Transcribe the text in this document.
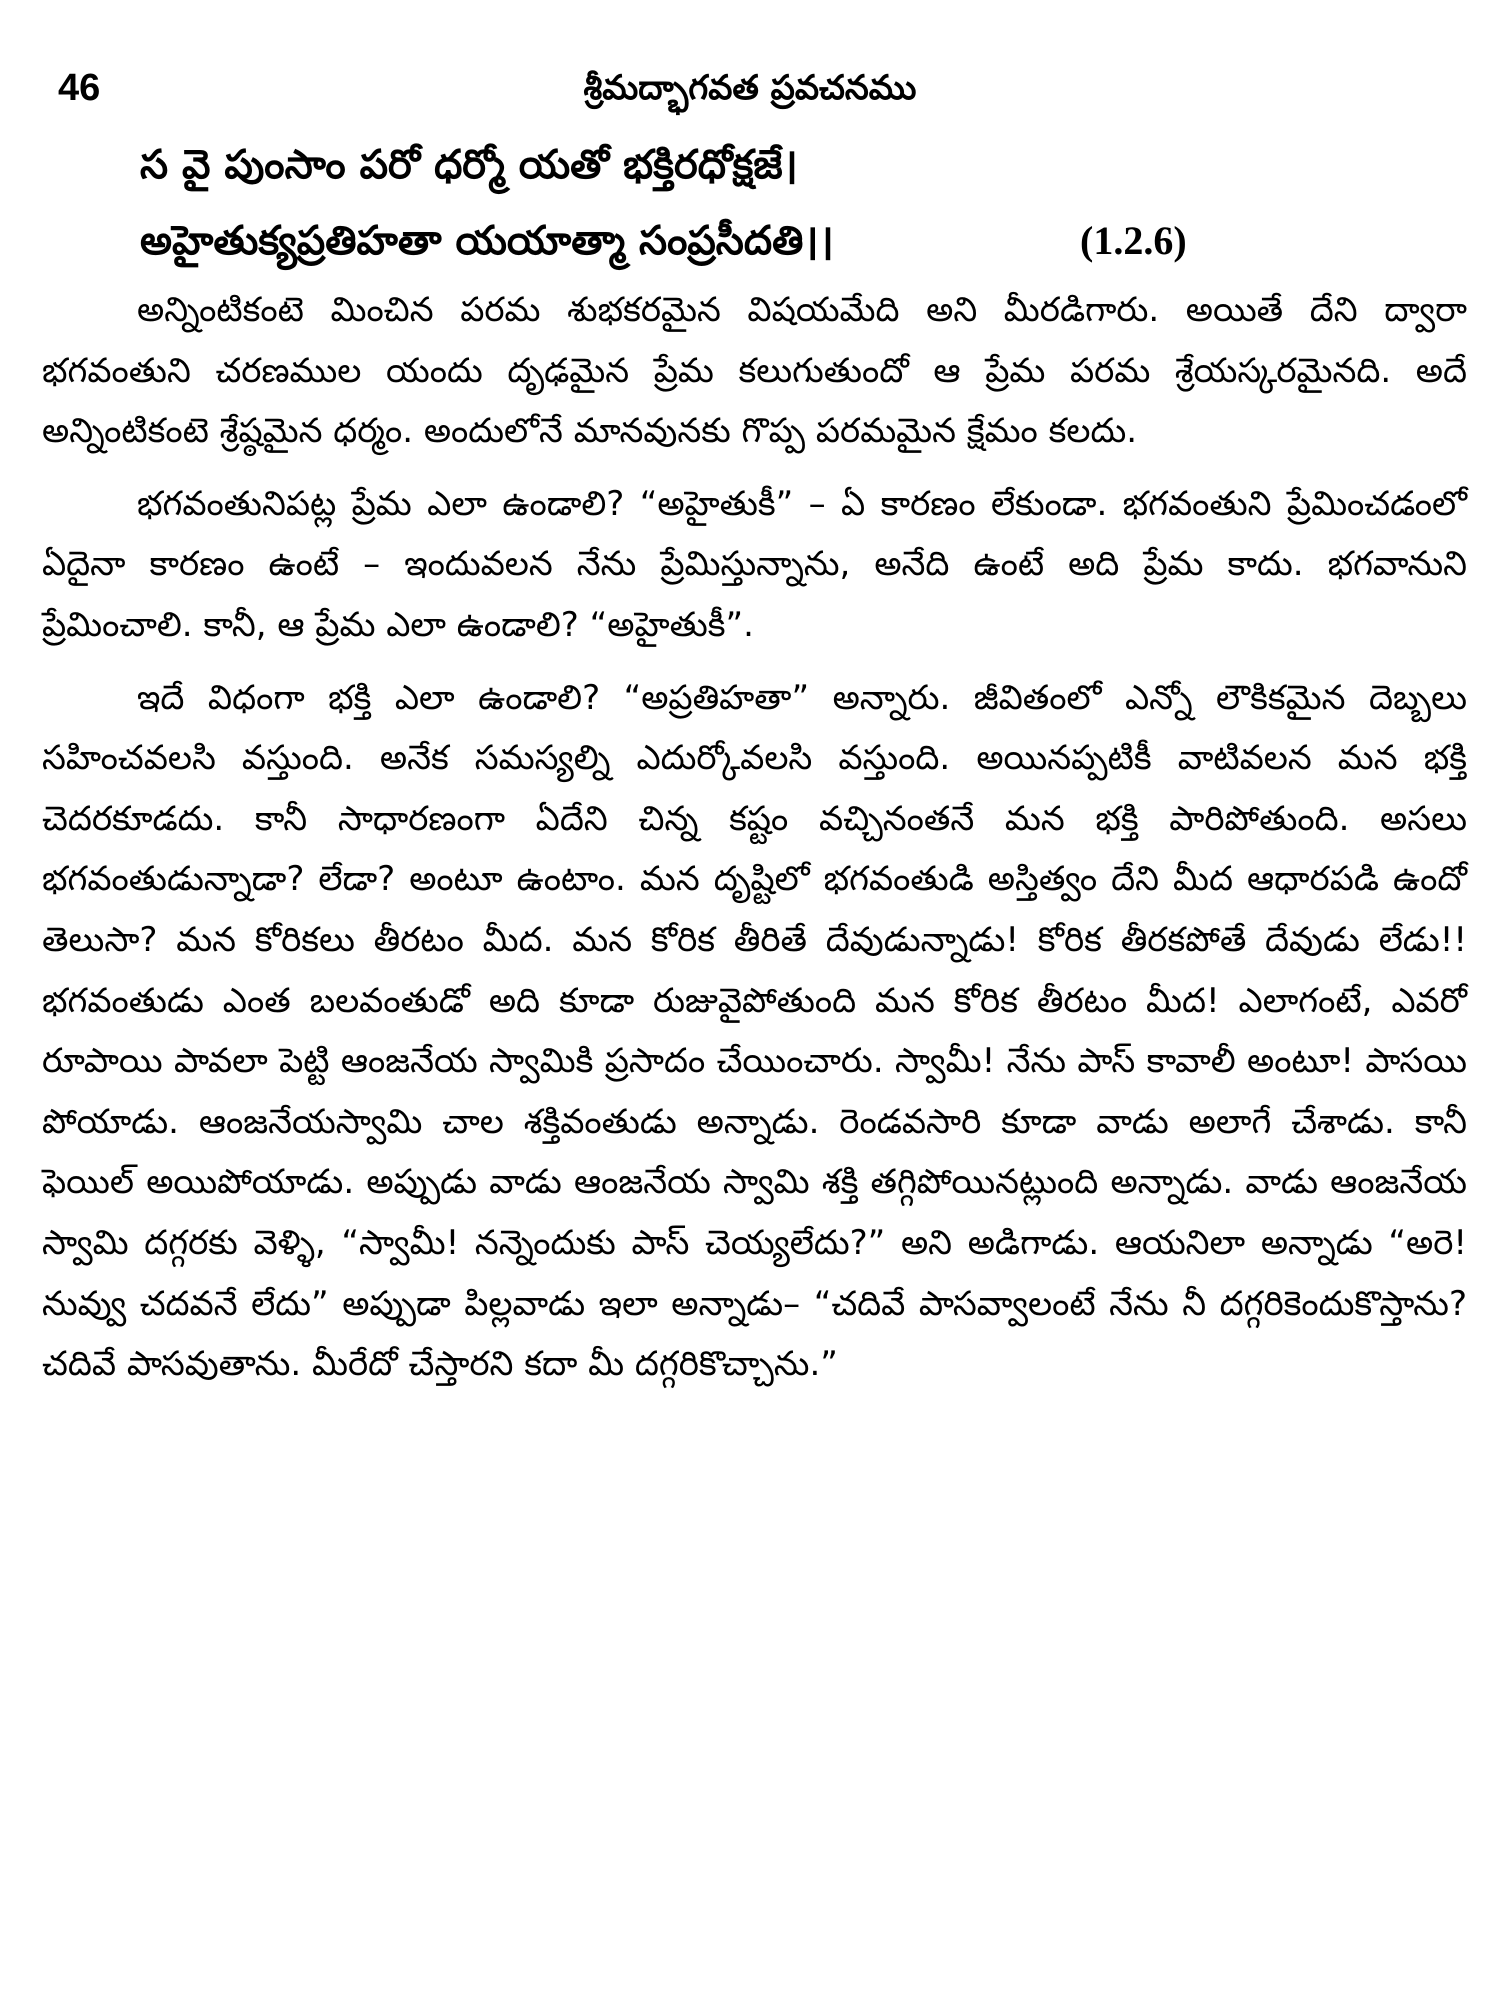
46	శ్రీమద్భాగవత ప్రవచనము
స వై పుంసాం పరో ధర్మో యతో భక్తిరధోక్షజే।
అహైతుక్యప్రతిహతా యయాత్మా సంప్రసీదతి।।	(1.2.6)

అన్నింటికంటె మించిన పరమ శుభకరమైన విషయమేది అని మీరడిగారు. అయితే దేని ద్వారా భగవంతుని చరణముల యందు దృఢమైన ప్రేమ కలుగుతుందో ఆ ప్రేమ పరమ శ్రేయస్కరమైనది. అదే అన్నింటికంటె శ్రేష్ఠమైన ధర్మం. అందులోనే మానవునకు గొప్ప పరమమైన క్షేమం కలదు.

భగవంతునిపట్ల ప్రేమ ఎలా ఉండాలి? “అహైతుకీ” – ఏ కారణం లేకుండా. భగవంతుని ప్రేమించడంలో ఏదైనా కారణం ఉంటే – ఇందువలన నేను ప్రేమిస్తున్నాను, అనేది ఉంటే అది ప్రేమ కాదు. భగవానుని ప్రేమించాలి. కానీ, ఆ ప్రేమ ఎలా ఉండాలి? “అహైతుకీ”.

ఇదే విధంగా భక్తి ఎలా ఉండాలి? “అప్రతిహతా” అన్నారు. జీవితంలో ఎన్నో లౌకికమైన దెబ్బలు సహించవలసి వస్తుంది. అనేక సమస్యల్ని ఎదుర్కోవలసి వస్తుంది. అయినప్పటికీ వాటివలన మన భక్తి చెదరకూడదు. కానీ సాధారణంగా ఏదేని చిన్న కష్టం వచ్చినంతనే మన భక్తి పారిపోతుంది. అసలు భగవంతుడున్నాడా? లేడా? అంటూ ఉంటాం. మన దృష్టిలో భగవంతుడి అస్తిత్వం దేని మీద ఆధారపడి ఉందో తెలుసా? మన కోరికలు తీరటం మీద. మన కోరిక తీరితే దేవుడున్నాడు! కోరిక తీరకపోతే దేవుడు లేడు!! భగవంతుడు ఎంత బలవంతుడో అది కూడా రుజువైపోతుంది మన కోరిక తీరటం మీద! ఎలాగంటే, ఎవరో రూపాయి పావలా పెట్టి ఆంజనేయ స్వామికి ప్రసాదం చేయించారు. స్వామీ! నేను పాస్ కావాలీ అంటూ! పాసయి పోయాడు. ఆంజనేయస్వామి చాల శక్తివంతుడు అన్నాడు. రెండవసారి కూడా వాడు అలాగే చేశాడు. కానీ ఫెయిల్ అయిపోయాడు. అప్పుడు వాడు ఆంజనేయ స్వామి శక్తి తగ్గిపోయినట్లుంది అన్నాడు. వాడు ఆంజనేయ స్వామి దగ్గరకు వెళ్ళి, “స్వామీ! నన్నెందుకు పాస్ చెయ్యలేదు?” అని అడిగాడు. ఆయనిలా అన్నాడు “అరె! నువ్వు చదవనే లేదు” అప్పుడా పిల్లవాడు ఇలా అన్నాడు– “చదివే పాసవ్వాలంటే నేను నీ దగ్గరికెందుకొస్తాను? చదివే పాసవుతాను. మీరేదో చేస్తారని కదా మీ దగ్గరికొచ్చాను.”
